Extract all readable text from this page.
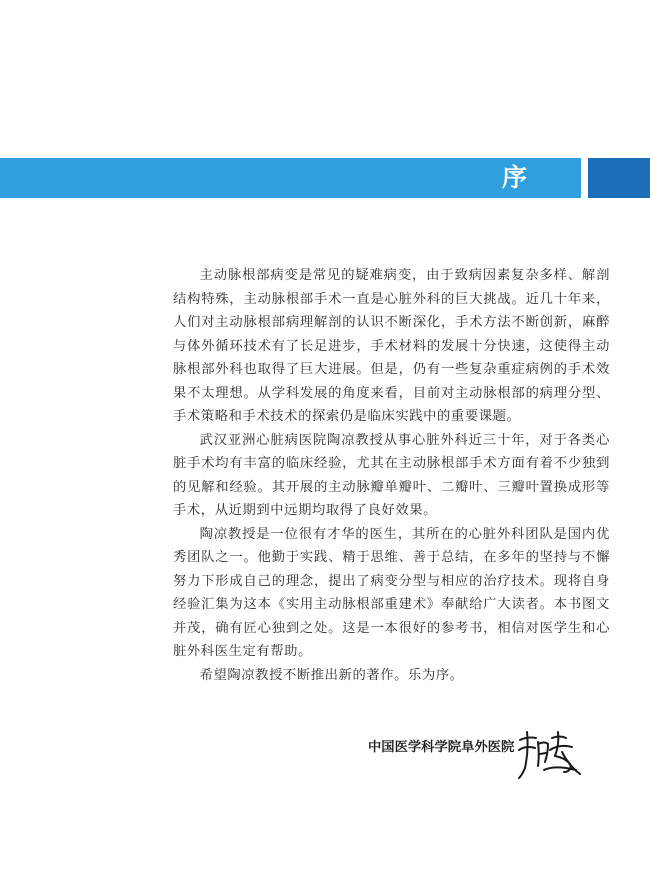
序

主动脉根部病变是常见的疑难病变，由于致病因素复杂多样、解剖结构特殊，主动脉根部手术一直是心脏外科的巨大挑战。近几十年来，人们对主动脉根部病理解剖的认识不断深化，手术方法不断创新，麻醉与体外循环技术有了长足进步，手术材料的发展十分快速，这使得主动脉根部外科也取得了巨大进展。但是，仍有一些复杂重症病例的手术效果不太理想。从学科发展的角度来看，目前对主动脉根部的病理分型、手术策略和手术技术的探索仍是临床实践中的重要课题。

武汉亚洲心脏病医院陶凉教授从事心脏外科近三十年，对于各类心脏手术均有丰富的临床经验，尤其在主动脉根部手术方面有着不少独到的见解和经验。其开展的主动脉瓣单瓣叶、二瓣叶、三瓣叶置换成形等手术，从近期到中远期均取得了良好效果。

陶凉教授是一位很有才华的医生，其所在的心脏外科团队是国内优秀团队之一。他勤于实践、精于思维、善于总结，在多年的坚持与不懈努力下形成自己的理念，提出了病变分型与相应的治疗技术。现将自身经验汇集为这本《实用主动脉根部重建术》奉献给广大读者。本书图文并茂，确有匠心独到之处。这是一本很好的参考书，相信对医学生和心脏外科医生定有帮助。

希望陶凉教授不断推出新的著作。乐为序。

中国医学科学院阜外医院
